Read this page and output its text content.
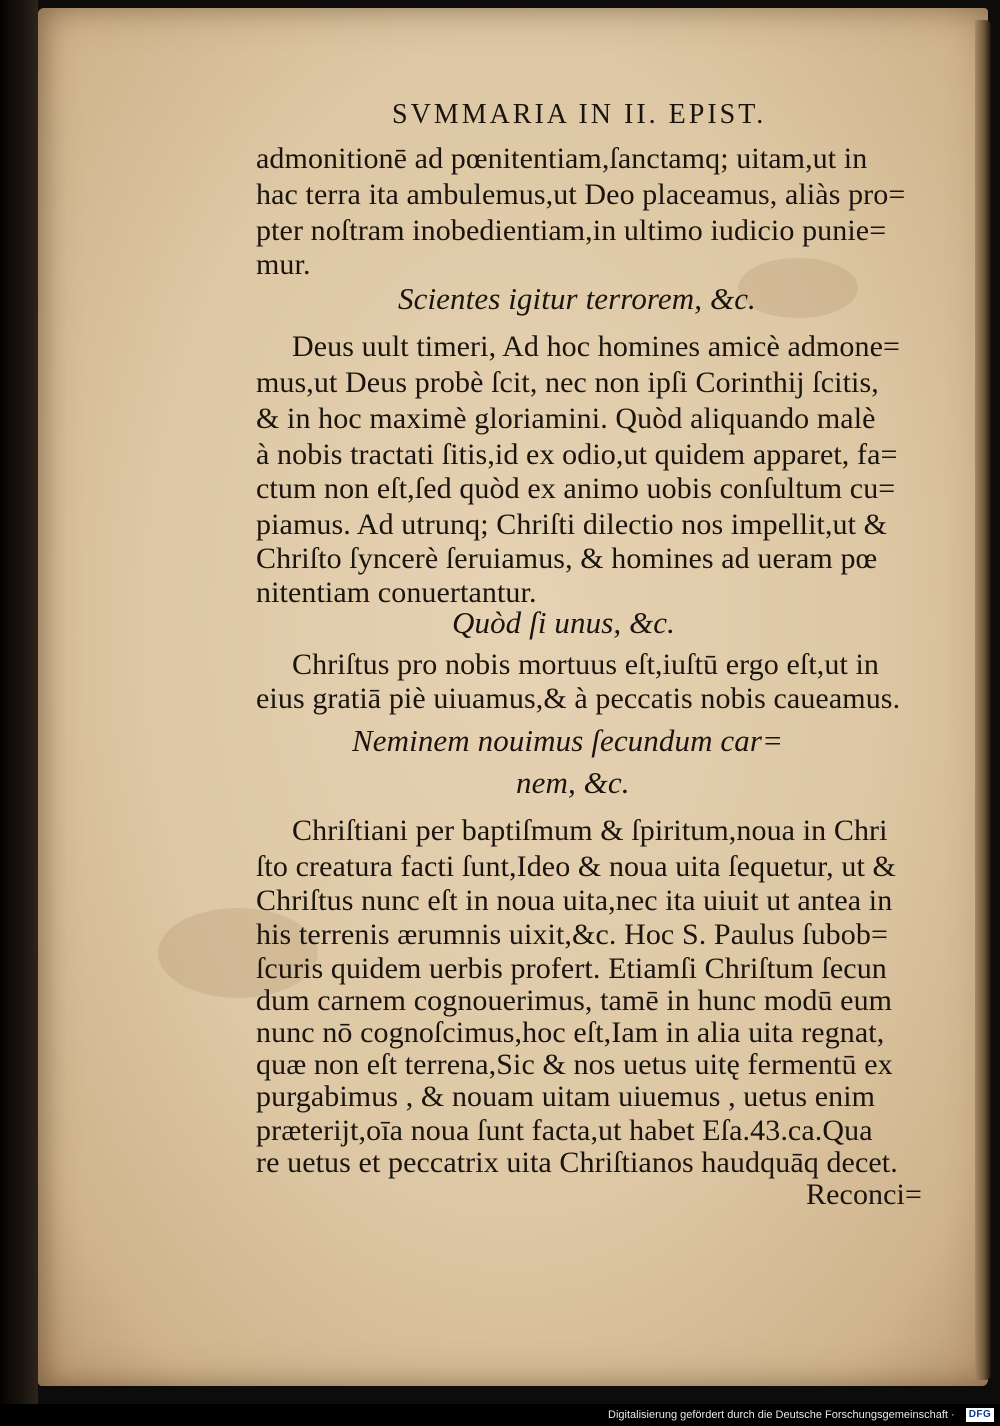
SVMMARIA IN II. EPIST.
admonitionē ad pœnitentiam,ſanctamq; uitam,ut in
hac terra ita ambulemus,ut Deo placeamus, aliàs pro=
pter noſtram inobedientiam,in ultimo iudicio punie=
mur.
Scientes igitur terrorem, &c.
Deus uult timeri, Ad hoc homines amicè admone=
mus,ut Deus probè ſcit, nec non ipſi Corinthij ſcitis,
& in hoc maximè gloriamini. Quòd aliquando malè
à nobis tractati ſitis,id ex odio,ut quidem apparet, fa=
ctum non eſt,ſed quòd ex animo uobis conſultum cu=
piamus. Ad utrunq; Chriſti dilectio nos impellit,ut &
Chriſto ſyncerè ſeruiamus, & homines ad ueram pœ
nitentiam conuertantur.
Quòd ſi unus, &c.
Chriſtus pro nobis mortuus eſt,iuſtū ergo eſt,ut in
eius gratiā piè uiuamus,& à peccatis nobis caueamus.
Neminem nouimus ſecundum car=
nem, &c.
Chriſtiani per baptiſmum & ſpiritum,noua in Chri
ſto creatura facti ſunt,Ideo & noua uita ſequetur, ut &
Chriſtus nunc eſt in noua uita,nec ita uiuit ut antea in
his terrenis ærumnis uixit,&c. Hoc S. Paulus ſubob=
ſcuris quidem uerbis profert. Etiamſi Chriſtum ſecun
dum carnem cognouerimus, tamē in hunc modū eum
nunc nō cognoſcimus,hoc eſt,Iam in alia uita regnat,
quæ non eſt terrena,Sic & nos uetus uitę fermentū ex
purgabimus , & nouam uitam uiuemus , uetus enim
præterijt,oīa noua ſunt facta,ut habet Eſa.43.ca.Qua
re uetus et peccatrix uita Chriſtianos haudquāq decet.
Reconci=
Digitalisierung gefördert durch die Deutsche Forschungsgemeinschaft · DFG
